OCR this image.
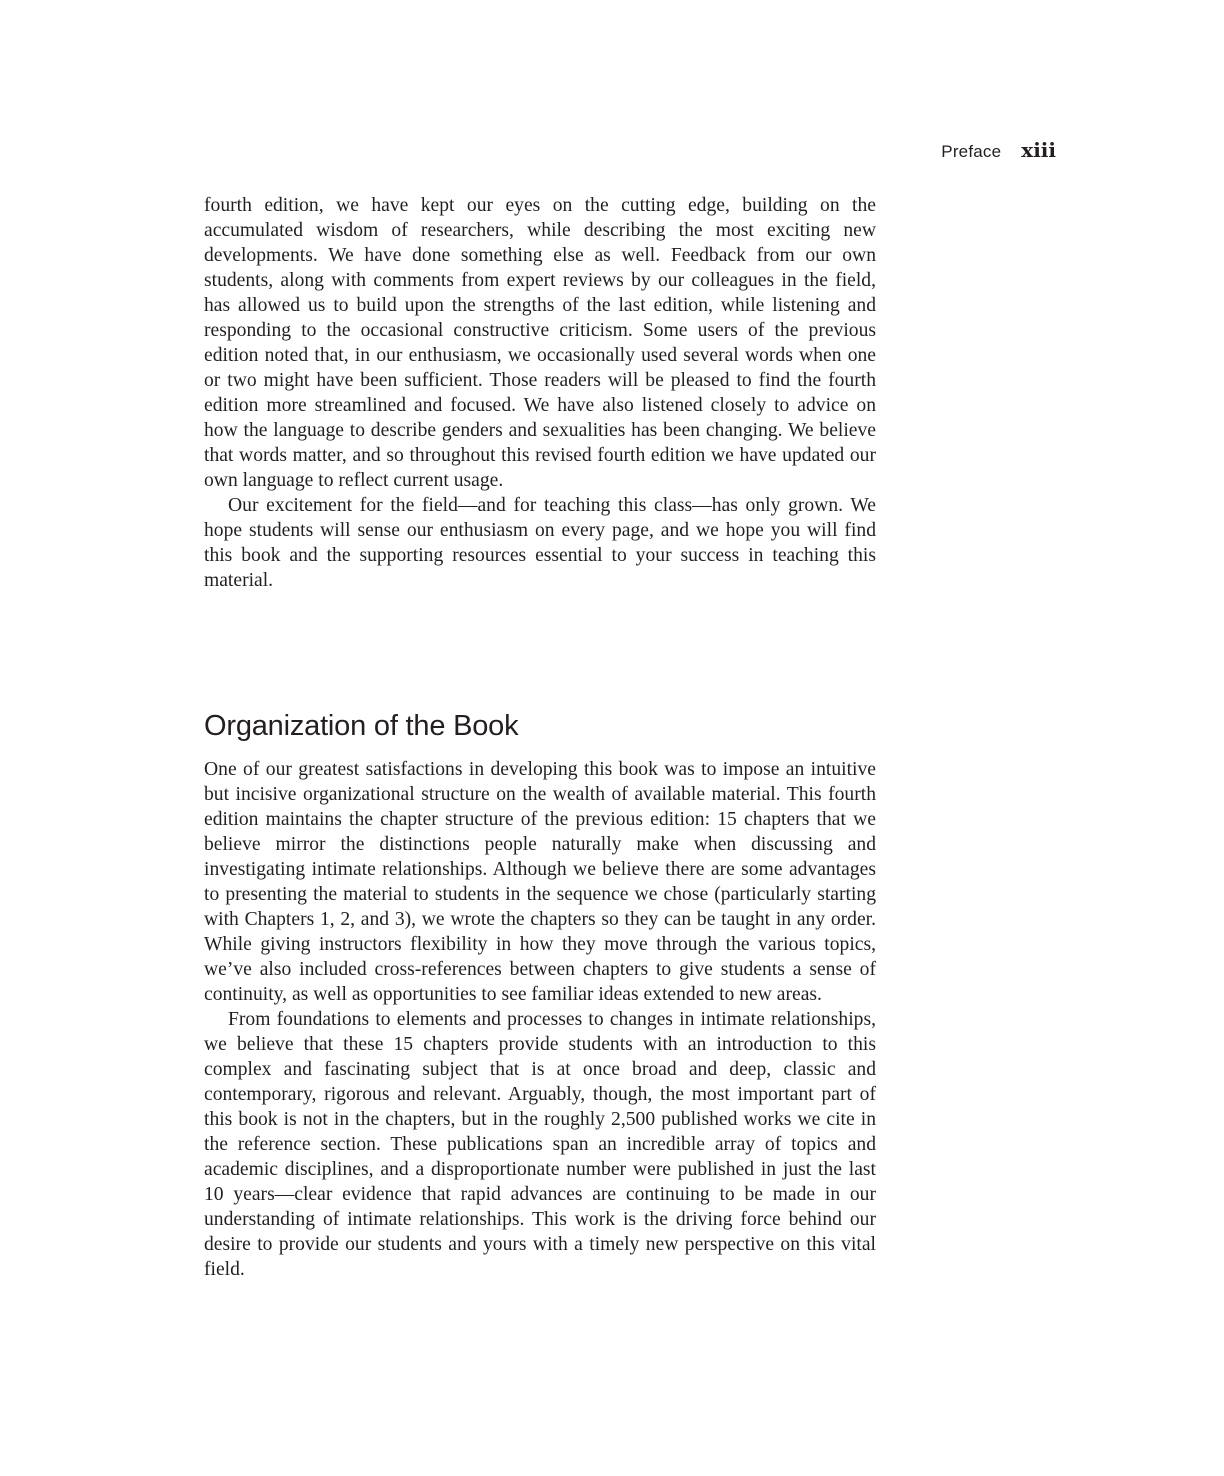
Preface xiii

fourth edition, we have kept our eyes on the cutting edge, building on the accumulated wisdom of researchers, while describing the most exciting new developments. We have done something else as well. Feedback from our own students, along with comments from expert reviews by our colleagues in the field, has allowed us to build upon the strengths of the last edition, while listening and responding to the occasional constructive criticism. Some users of the previous edition noted that, in our enthusiasm, we occasionally used several words when one or two might have been sufficient. Those readers will be pleased to find the fourth edition more streamlined and focused. We have also listened closely to advice on how the language to describe genders and sexualities has been changing. We believe that words matter, and so throughout this revised fourth edition we have updated our own language to reflect current usage.

Our excitement for the field—and for teaching this class—has only grown. We hope students will sense our enthusiasm on every page, and we hope you will find this book and the supporting resources essential to your success in teaching this material.

Organization of the Book

One of our greatest satisfactions in developing this book was to impose an intuitive but incisive organizational structure on the wealth of available material. This fourth edition maintains the chapter structure of the previous edition: 15 chapters that we believe mirror the distinctions people naturally make when discussing and investigating intimate relationships. Although we believe there are some advantages to presenting the material to students in the sequence we chose (particularly starting with Chapters 1, 2, and 3), we wrote the chapters so they can be taught in any order. While giving instructors flexibility in how they move through the various topics, we’ve also included cross-references between chapters to give students a sense of continuity, as well as opportunities to see familiar ideas extended to new areas.

From foundations to elements and processes to changes in intimate relationships, we believe that these 15 chapters provide students with an introduction to this complex and fascinating subject that is at once broad and deep, classic and contemporary, rigorous and relevant. Arguably, though, the most important part of this book is not in the chapters, but in the roughly 2,500 published works we cite in the reference section. These publications span an incredible array of topics and academic disciplines, and a disproportionate number were published in just the last 10 years—clear evidence that rapid advances are continuing to be made in our understanding of intimate relationships. This work is the driving force behind our desire to provide our students and yours with a timely new perspective on this vital field.
